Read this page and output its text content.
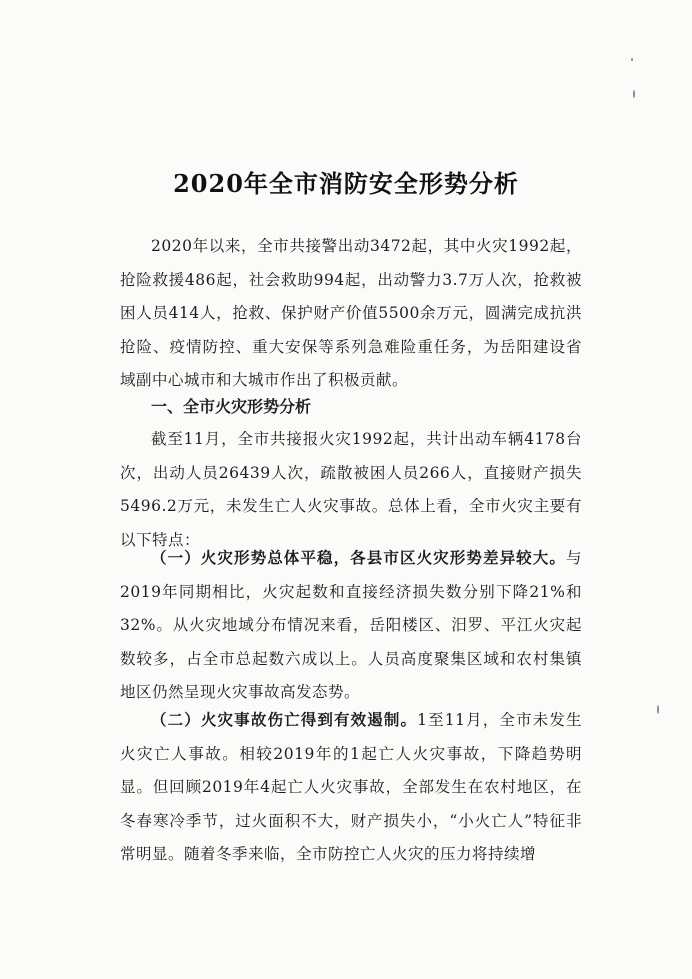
2020年全市消防安全形势分析

2020年以来，全市共接警出动3472起，其中火灾1992起，抢险救援486起，社会救助994起，出动警力3.7万人次，抢救被困人员414人，抢救、保护财产价值5500余万元，圆满完成抗洪抢险、疫情防控、重大安保等系列急难险重任务，为岳阳建设省域副中心城市和大城市作出了积极贡献。

一、全市火灾形势分析

截至11月，全市共接报火灾1992起，共计出动车辆4178台次，出动人员26439人次，疏散被困人员266人，直接财产损失5496.2万元，未发生亡人火灾事故。总体上看，全市火灾主要有以下特点：

（一）火灾形势总体平稳，各县市区火灾形势差异较大。与2019年同期相比，火灾起数和直接经济损失数分别下降21%和32%。从火灾地域分布情况来看，岳阳楼区、汨罗、平江火灾起数较多，占全市总起数六成以上。人员高度聚集区域和农村集镇地区仍然呈现火灾事故高发态势。

（二）火灾事故伤亡得到有效遏制。1至11月，全市未发生火灾亡人事故。相较2019年的1起亡人火灾事故，下降趋势明显。但回顾2019年4起亡人火灾事故，全部发生在农村地区，在冬春寒冷季节，过火面积不大，财产损失小，“小火亡人”特征非常明显。随着冬季来临，全市防控亡人火灾的压力将持续增
